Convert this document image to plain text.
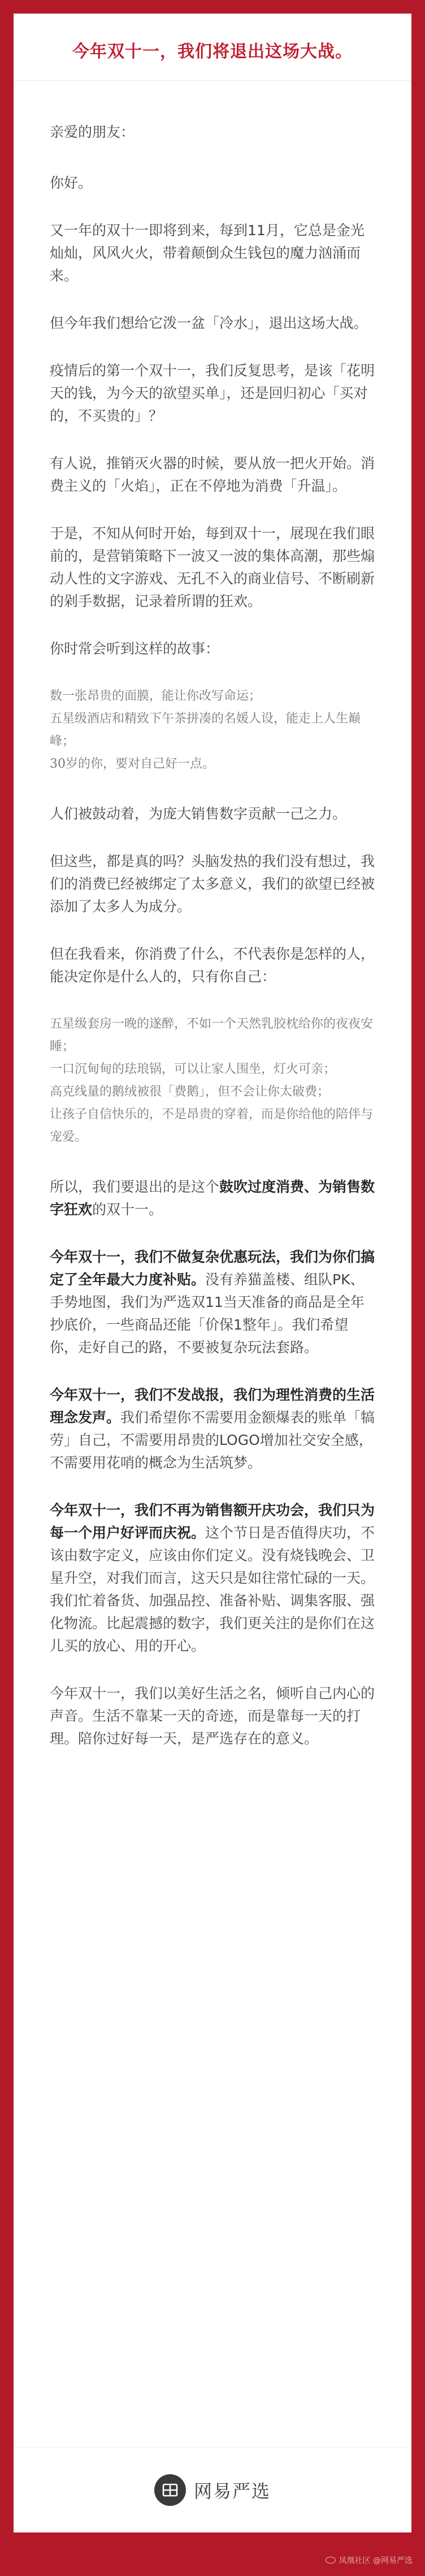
今年双十一，我们将退出这场大战。
亲爱的朋友：
你好。
又一年的双十一即将到来，每到11月，它总是金光灿灿，风风火火，带着颠倒众生钱包的魔力汹涌而来。
但今年我们想给它泼一盆「冷水」，退出这场大战。
疫情后的第一个双十一，我们反复思考，是该「花明天的钱，为今天的欲望买单」，还是回归初心「买对的，不买贵的」？
有人说，推销灭火器的时候，要从放一把火开始。消费主义的「火焰」，正在不停地为消费「升温」。
于是，不知从何时开始，每到双十一，展现在我们眼前的，是营销策略下一波又一波的集体高潮，那些煽动人性的文字游戏、无孔不入的商业信号、不断刷新的剁手数据，记录着所谓的狂欢。
你时常会听到这样的故事：
数一张昂贵的面膜，能让你改写命运；
五星级酒店和精致下午茶拼凑的名媛人设，能走上人生巅峰；
30岁的你，要对自己好一点。
人们被鼓动着，为庞大销售数字贡献一己之力。
但这些，都是真的吗？头脑发热的我们没有想过，我们的消费已经被绑定了太多意义，我们的欲望已经被添加了太多人为成分。
但在我看来，你消费了什么，不代表你是怎样的人，能决定你是什么人的，只有你自己：
五星级套房一晚的遂醉，不如一个天然乳胶枕给你的夜夜安睡；
一口沉甸甸的珐琅锅，可以让家人围坐，灯火可亲；
高克线量的鹅绒被很「费鹅」，但不会让你太破费；
让孩子自信快乐的，不是昂贵的穿着，而是你给他的陪伴与宠爱。
所以，我们要退出的是这个鼓吹过度消费、为销售数字狂欢的双十一。
今年双十一，我们不做复杂优惠玩法，我们为你们搞定了全年最大力度补贴。没有养猫盖楼、组队PK、手势地图，我们为严选双11当天准备的商品是全年抄底价，一些商品还能「价保1整年」。我们希望你，走好自己的路，不要被复杂玩法套路。
今年双十一，我们不发战报，我们为理性消费的生活理念发声。我们希望你不需要用金额爆表的账单「犒劳」自己，不需要用昂贵的LOGO增加社交安全感，不需要用花哨的概念为生活筑梦。
今年双十一，我们不再为销售额开庆功会，我们只为每一个用户好评而庆祝。这个节日是否值得庆功，不该由数字定义，应该由你们定义。没有烧钱晚会、卫星升空，对我们而言，这天只是如往常忙碌的一天。我们忙着备货、加强品控、准备补贴、调集客服、强化物流。比起震撼的数字，我们更关注的是你们在这儿买的放心、用的开心。
今年双十一，我们以美好生活之名，倾听自己内心的声音。生活不靠某一天的奇迹，而是靠每一天的打理。陪你过好每一天，是严选存在的意义。
网易严选
凤凰社区 @网易严选
